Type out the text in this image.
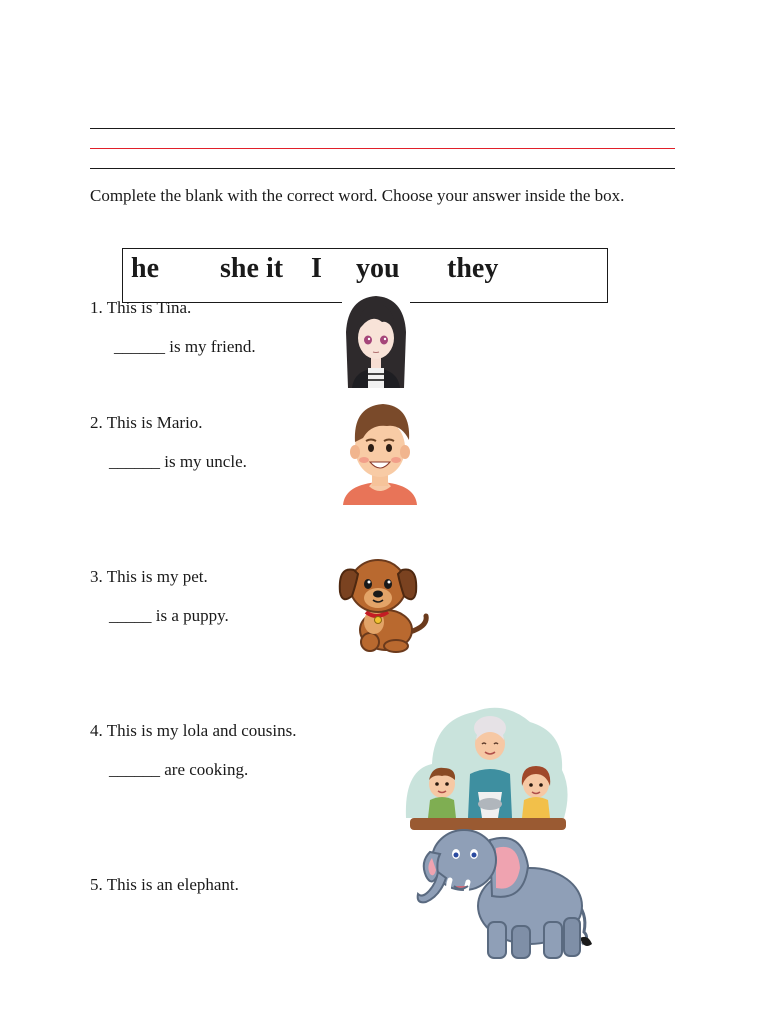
Complete the blank with the correct word. Choose your answer inside the box.
he she it I you they
1. This is Tina.
______ is my friend.
2. This is Mario.
______ is my uncle.
3. This is my pet.
_____ is a puppy.
4. This is my lola and cousins.
______ are cooking.
5. This is an elephant.
